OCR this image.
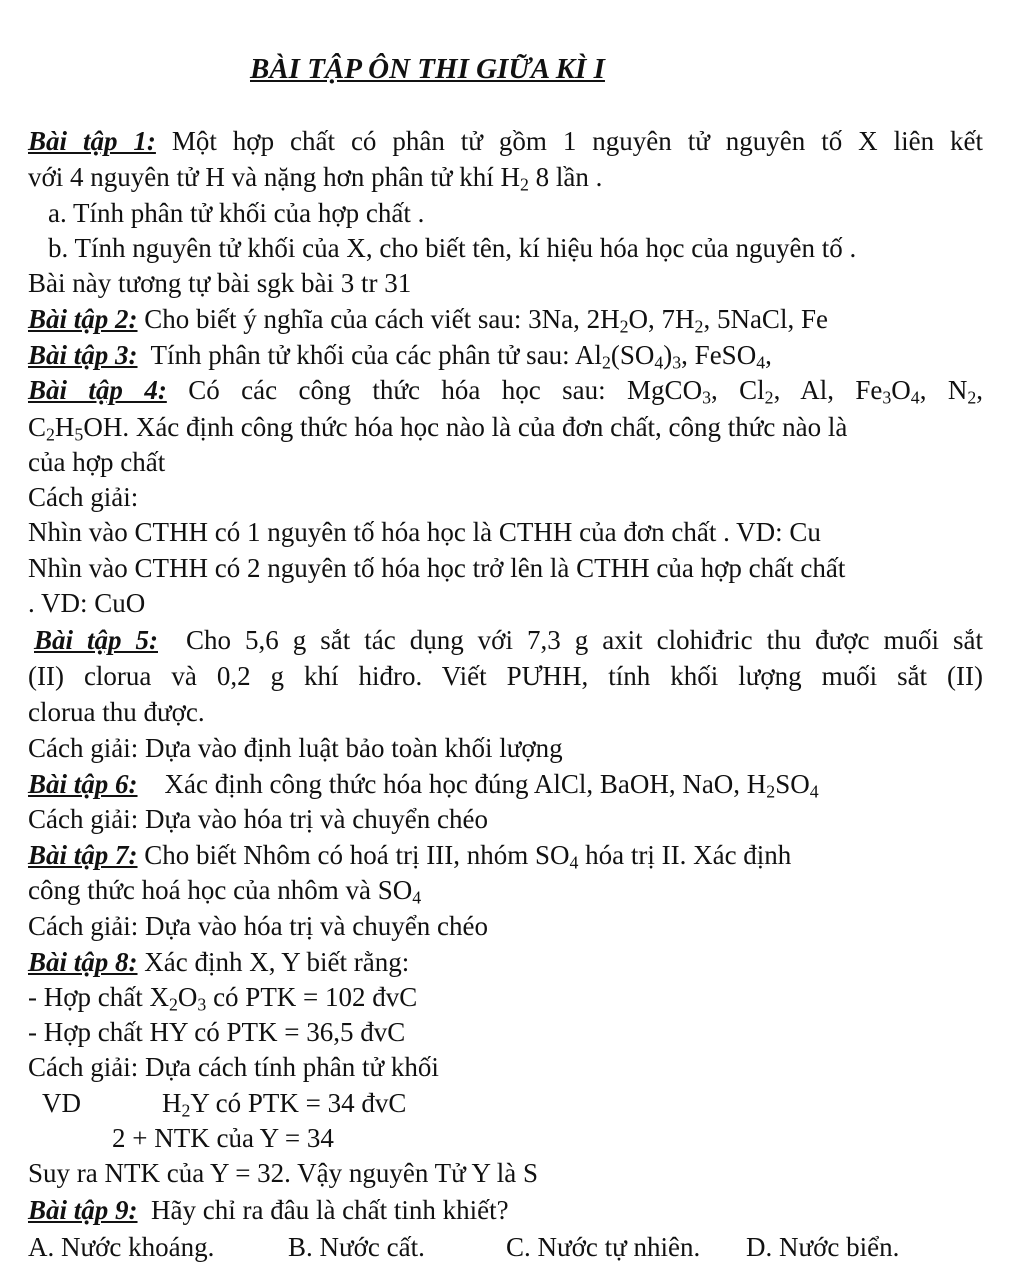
BÀI TẬP ÔN THI GIỮA KÌ I
Bài tập 1: Một hợp chất có phân tử gồm 1 nguyên tử nguyên tố X liên kết
với 4 nguyên tử H và nặng hơn phân tử khí $H_2$ 8 lần .
a. Tính phân tử khối của hợp chất .
b. Tính nguyên tử khối của X, cho biết tên, kí hiệu hóa học của nguyên tố .
Bài này tương tự bài sgk bài 3 tr 31
Bài tập 2: Cho biết ý nghĩa của cách viết sau: 3Na, $2H_2O$, $7H_2$, 5NaCl, Fe
Bài tập 3: Tính phân tử khối của các phân tử sau: $Al_2(SO_4)_3$, FeSO$_4$,
Bài tập 4: Có các công thức hóa học sau: MgCO$_3$, $Cl_2$, Al, $Fe_3O_4$, $N_2$,
$C_2H_5OH$. Xác định công thức hóa học nào là của đơn chất, công thức nào là
của hợp chất
Cách giải:
Nhìn vào CTHH có 1 nguyên tố hóa học là CTHH của đơn chất . VD: Cu
Nhìn vào CTHH có 2 nguyên tố hóa học trở lên là CTHH của hợp chất chất
. VD: CuO
Bài tập 5: Cho 5,6 g sắt tác dụng với 7,3 g axit clohiđric thu được muối sắt
(II) clorua và 0,2 g khí hiđro. Viết PƯHH, tính khối lượng muối sắt (II)
clorua thu được.
Cách giải: Dựa vào định luật bảo toàn khối lượng
Bài tập 6: Xác định công thức hóa học đúng AlCl, BaOH, NaO, $H_2SO_4$
Cách giải: Dựa vào hóa trị và chuyển chéo
Bài tập 7: Cho biết Nhôm có hoá trị III, nhóm $SO_4$ hóa trị II. Xác định
công thức hoá học của nhôm và $SO_4$
Cách giải: Dựa vào hóa trị và chuyển chéo
Bài tập 8: Xác định X, Y biết rằng:
- Hợp chất $X_2O_3$ có PTK = 102 đvC
- Hợp chất HY có PTK = 36,5 đvC
Cách giải: Dựa cách tính phân tử khối
VD	$H_2Y$ có PTK = 34 đvC
2 + NTK của Y = 34
Suy ra NTK của Y = 32. Vậy nguyên Tử Y là S
Bài tập 9: Hãy chỉ ra đâu là chất tinh khiết?
A. Nước khoáng.	B. Nước cất.	C. Nước tự nhiên. D. Nước biển.
